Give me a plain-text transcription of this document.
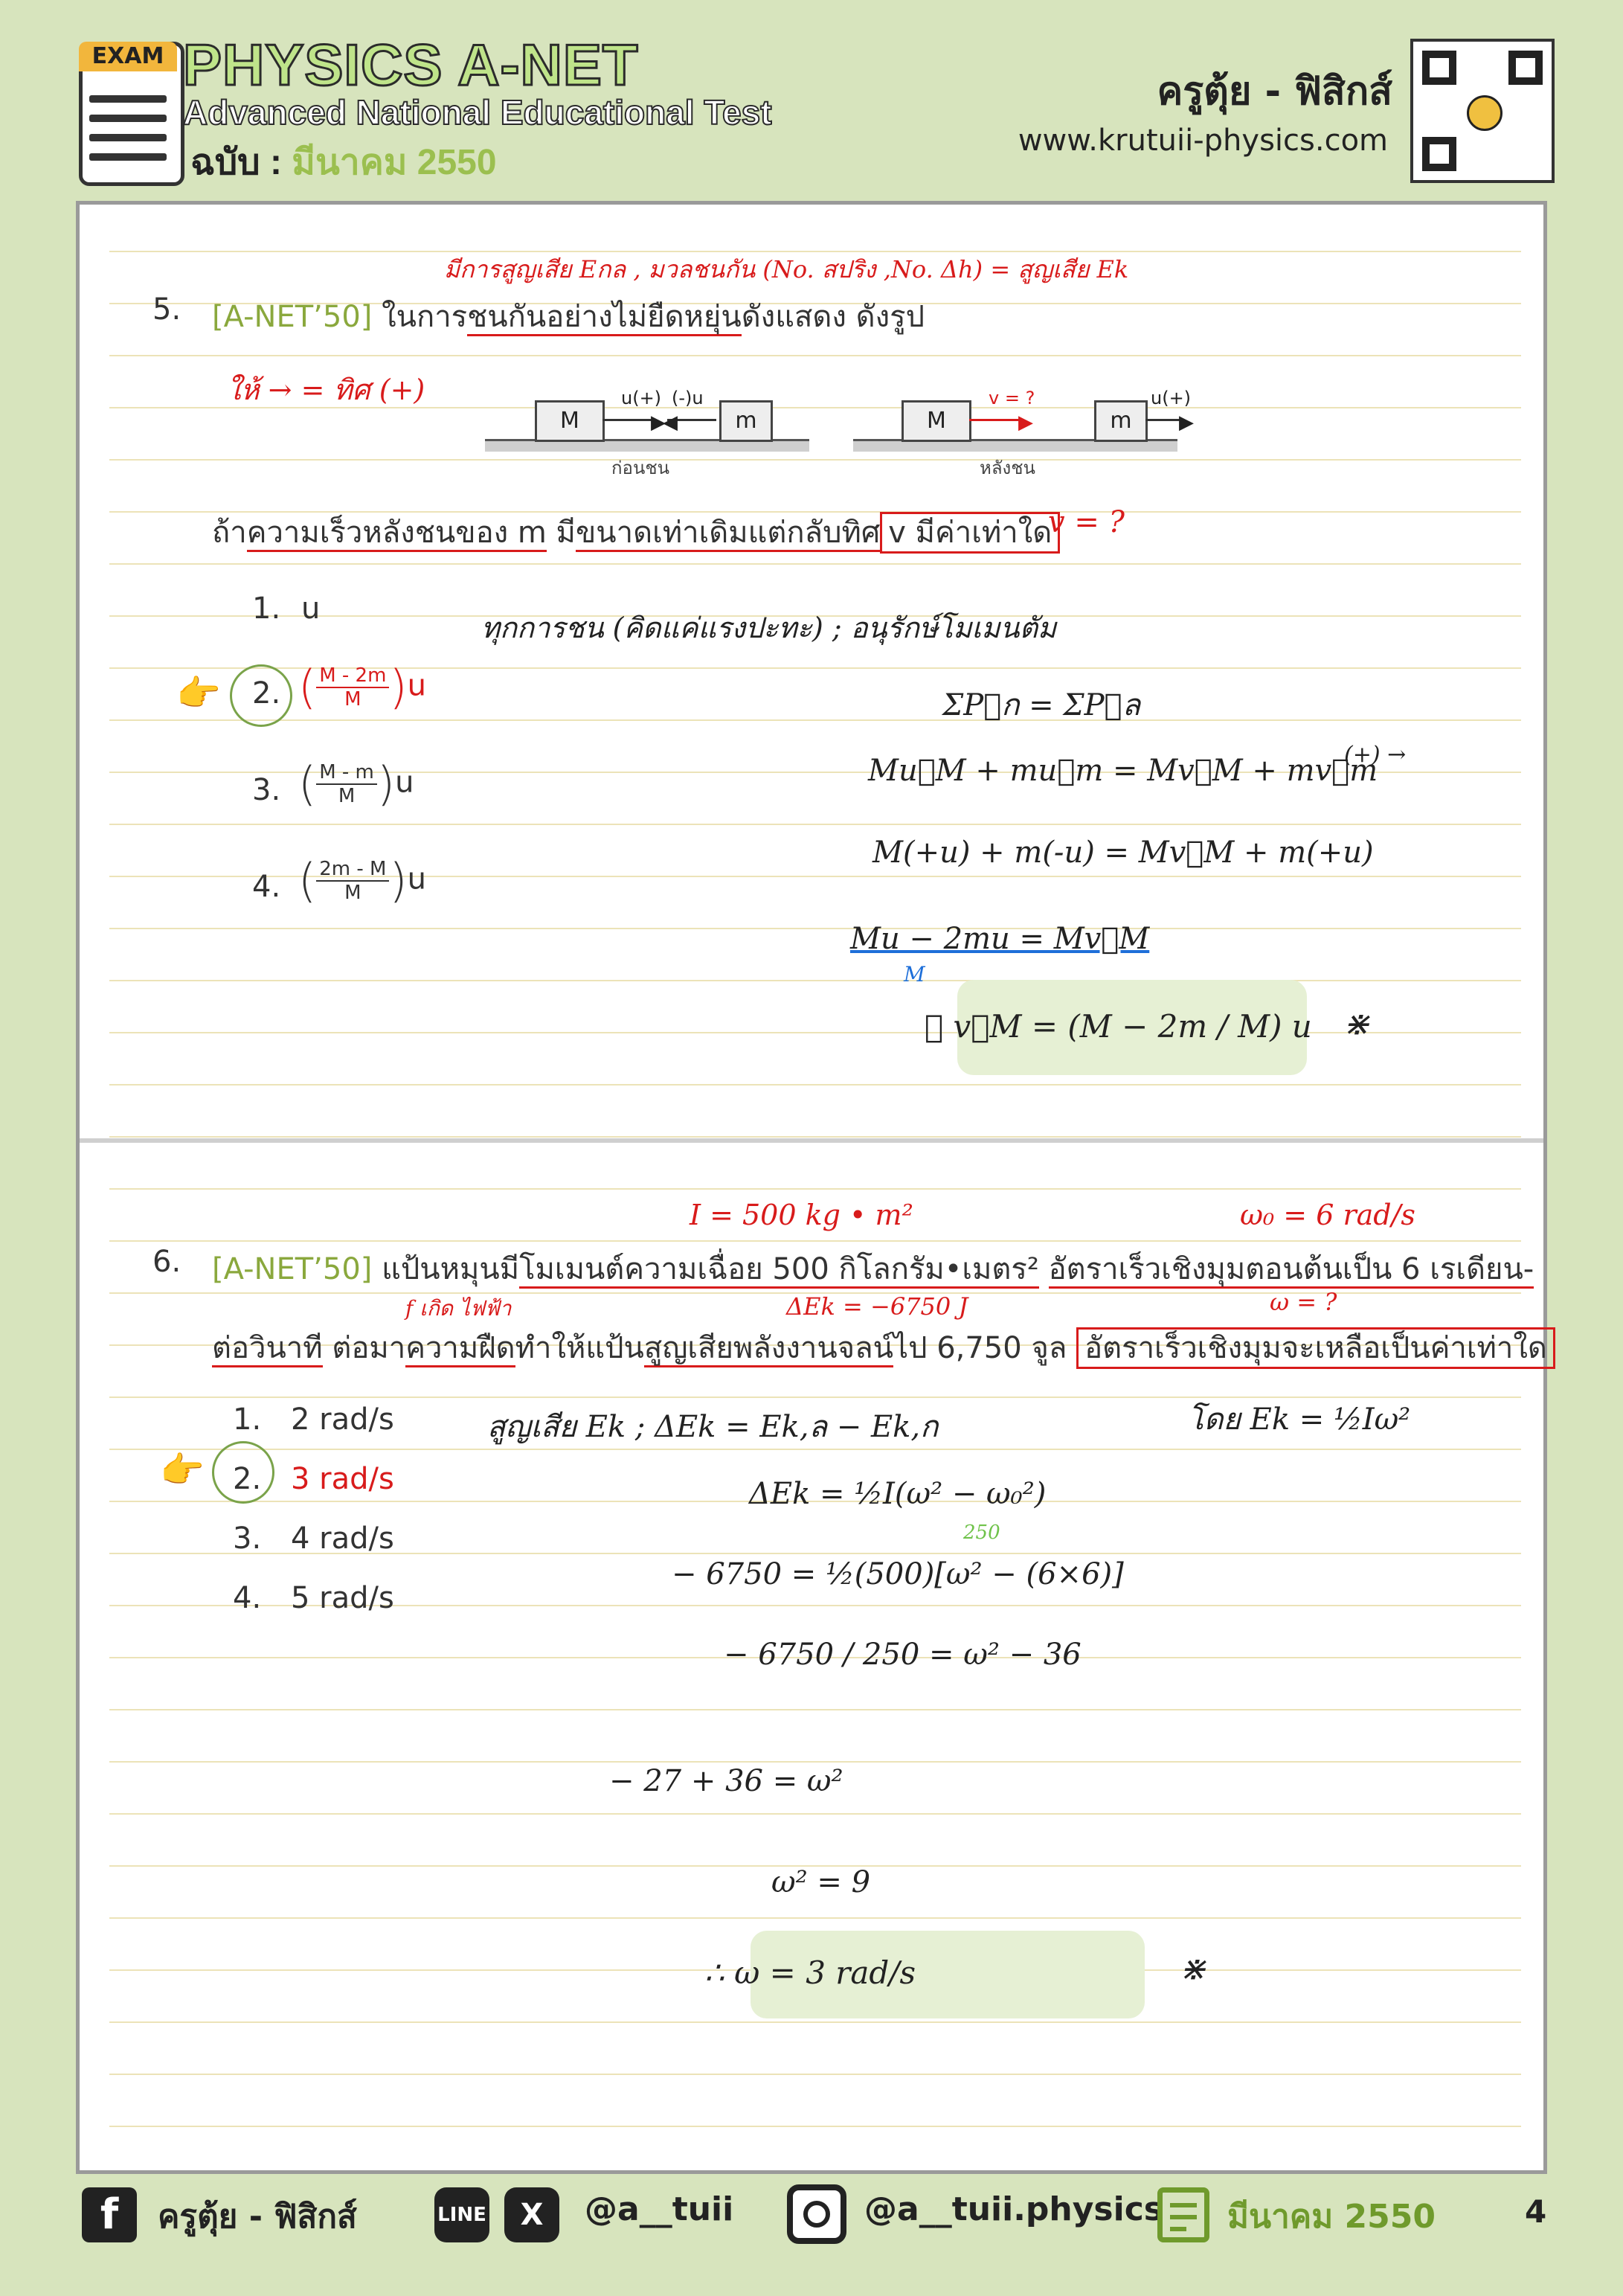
EXAM PHYSICS A-NET
Advanced National Educational Test
ฉบับ : มีนาคม 2550
ครูตุ้ย - ฟิสิกส์
www.krutuii-physics.com
มีการสูญเสีย Eกล , มวลชนกัน (No. สปริง ,No. Δh) = สูญเสีย Ek
5. [A-NET’50] ในการชนกันอย่างไม่ยืดหยุ่นดังแสดง ดังรูป
ให้ → = ทิศ (+)
M	m
▶
u(+)
◀
(-)u
ก่อนชน
M	m
▶
v = ?
▶
u(+)
หลังชน
ถ้าความเร็วหลังชนของ m มีขนาดเท่าเดิมแต่กลับทิศ v มีค่าเท่าใด
v = ?
1. u
👉 2. ( $\frac{M - 2m}{M} )u$
3. ( $\frac{M - m}{M} )u$
4. ( $\frac{2m - M}{M} )u$
ทุกการชน (คิดแค่แรงปะทะ) ; อนุรักษ์โมเมนตัม
ΣP⃗ก = ΣP⃗ล
Mu⃗M + mu⃗m = Mv⃗M + mv⃗m
(+) →
M(+u) + m(-u) = Mv⃗M + m(+u)
Mu − 2mu = Mv⃗M
M
∴ v⃗M = (M − 2m / M) u ⋇
I = 500 kg • m²	ω₀ = 6 rad/s
6. [A-NET’50] แป้นหมุนมีโมเมนต์ความเฉื่อย 500 กิโลกรัม•เมตร² อัตราเร็วเชิงมุมตอนต้นเป็น 6 เรเดียน-
f เกิด ไฟฟ้า	ΔEk = −6750 J	ω = ?
ต่อวินาที ต่อมาความฝืดทำให้แป้นสูญเสียพลังงานจลน์ไป 6,750 จูล อัตราเร็วเชิงมุมจะเหลือเป็นค่าเท่าใด
1. 2 rad/s
👉 2. 3 rad/s
3. 4 rad/s
4. 5 rad/s
สูญเสีย Ek ; ΔEk = Ek,ล − Ek,ก	โดย Ek = ½Iω²
ΔEk = ½I(ω² − ω₀²)
− 6750 = ½(500)[ω² − (6×6)]
250
− 6750 / 250 = ω² − 36
− 27 + 36 = ω²
ω² = 9
∴ ω = 3 rad/s	⋇
f	ครูตุ้ย - ฟิสิกส์	LINE	X	@a__tuii	@a__tuii.physics มีนาคม 2550	4
